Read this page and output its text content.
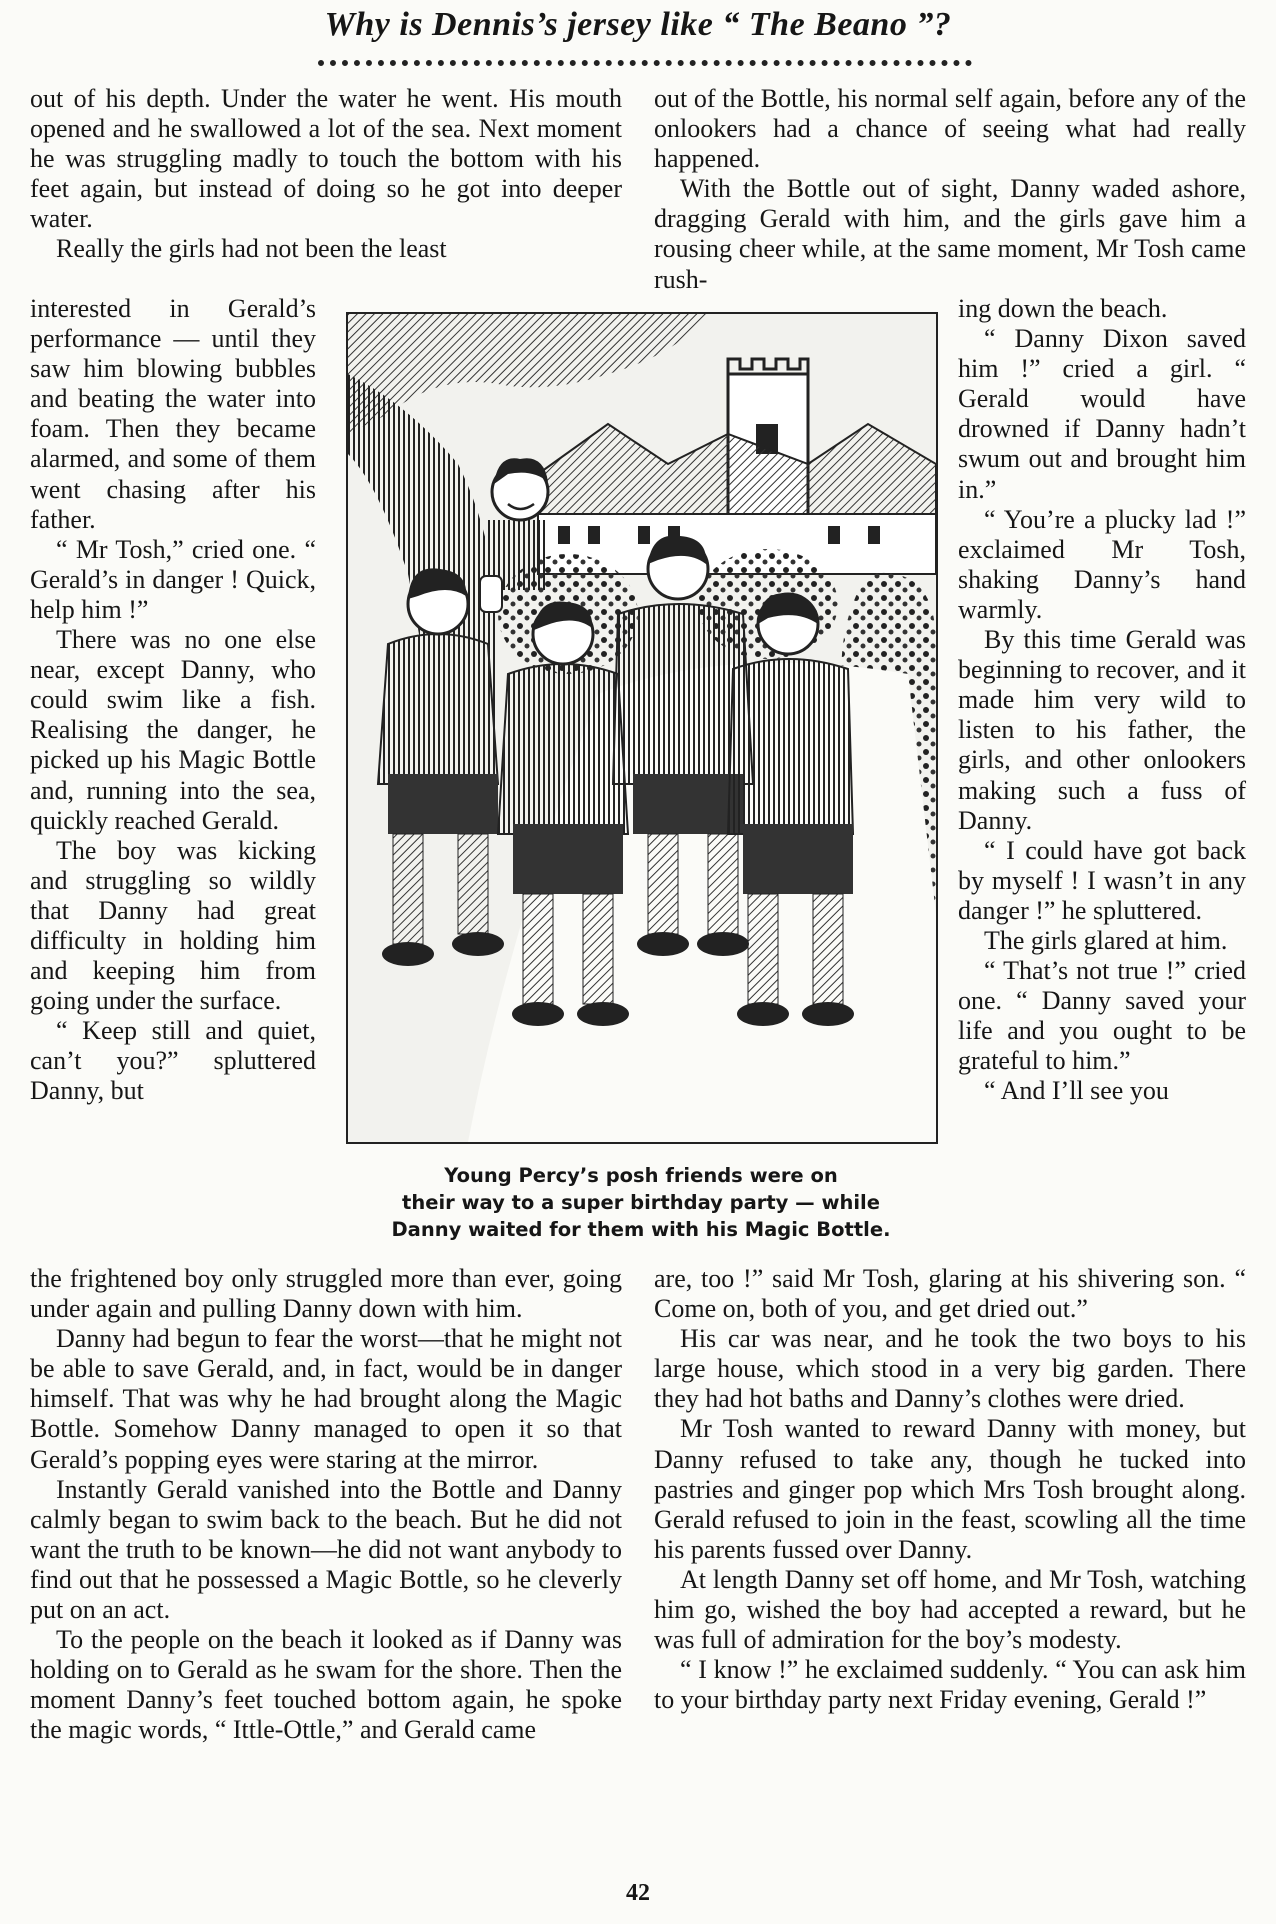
Why is Dennis’s jersey like “ The Beano ”?

out of his depth. Under the water he went. His mouth opened and he swallowed a lot of the sea. Next moment he was struggling madly to touch the bottom with his feet again, but instead of doing so he got into deeper water.

Really the girls had not been the least

interested in Gerald’s performance — until they saw him blowing bubbles and beating the water into foam. Then they became alarmed, and some of them went chasing after his father.

“ Mr Tosh,” cried one. “ Gerald’s in danger ! Quick, help him !”

There was no one else near, except Danny, who could swim like a fish. Realising the danger, he picked up his Magic Bottle and, running into the sea, quickly reached Gerald.

The boy was kicking and struggling so wildly that Danny had great difficulty in holding him and keeping him from going under the surface.

“ Keep still and quiet, can’t you?” spluttered Danny, but

the frightened boy only struggled more than ever, going under again and pulling Danny down with him.

Danny had begun to fear the worst—that he might not be able to save Gerald, and, in fact, would be in danger himself. That was why he had brought along the Magic Bottle. Somehow Danny managed to open it so that Gerald’s popping eyes were staring at the mirror.

Instantly Gerald vanished into the Bottle and Danny calmly began to swim back to the beach. But he did not want the truth to be known—he did not want anybody to find out that he possessed a Magic Bottle, so he cleverly put on an act.

To the people on the beach it looked as if Danny was holding on to Gerald as he swam for the shore. Then the moment Danny’s feet touched bottom again, he spoke the magic words, “ Ittle-Ottle,” and Gerald came

out of the Bottle, his normal self again, before any of the onlookers had a chance of seeing what had really happened.

With the Bottle out of sight, Danny waded ashore, dragging Gerald with him, and the girls gave him a rousing cheer while, at the same moment, Mr Tosh came rush-

ing down the beach.

“ Danny Dixon saved him !” cried a girl. “ Gerald would have drowned if Danny hadn’t swum out and brought him in.”

“ You’re a plucky lad !” exclaimed Mr Tosh, shaking Danny’s hand warmly.

By this time Gerald was beginning to recover, and it made him very wild to listen to his father, the girls, and other onlookers making such a fuss of Danny.

“ I could have got back by myself ! I wasn’t in any danger !” he spluttered.

The girls glared at him.

“ That’s not true !” cried one. “ Danny saved your life and you ought to be grateful to him.”

“ And I’ll see you

are, too !” said Mr Tosh, glaring at his shivering son. “ Come on, both of you, and get dried out.”

His car was near, and he took the two boys to his large house, which stood in a very big garden. There they had hot baths and Danny’s clothes were dried.

Mr Tosh wanted to reward Danny with money, but Danny refused to take any, though he tucked into pastries and ginger pop which Mrs Tosh brought along. Gerald refused to join in the feast, scowling all the time his parents fussed over Danny.

At length Danny set off home, and Mr Tosh, watching him go, wished the boy had accepted a reward, but he was full of admiration for the boy’s modesty.

“ I know !” he exclaimed suddenly. “ You can ask him to your birthday party next Friday evening, Gerald !”

Young Percy’s posh friends were on
their way to a super birthday party — while
Danny waited for them with his Magic Bottle.
42
